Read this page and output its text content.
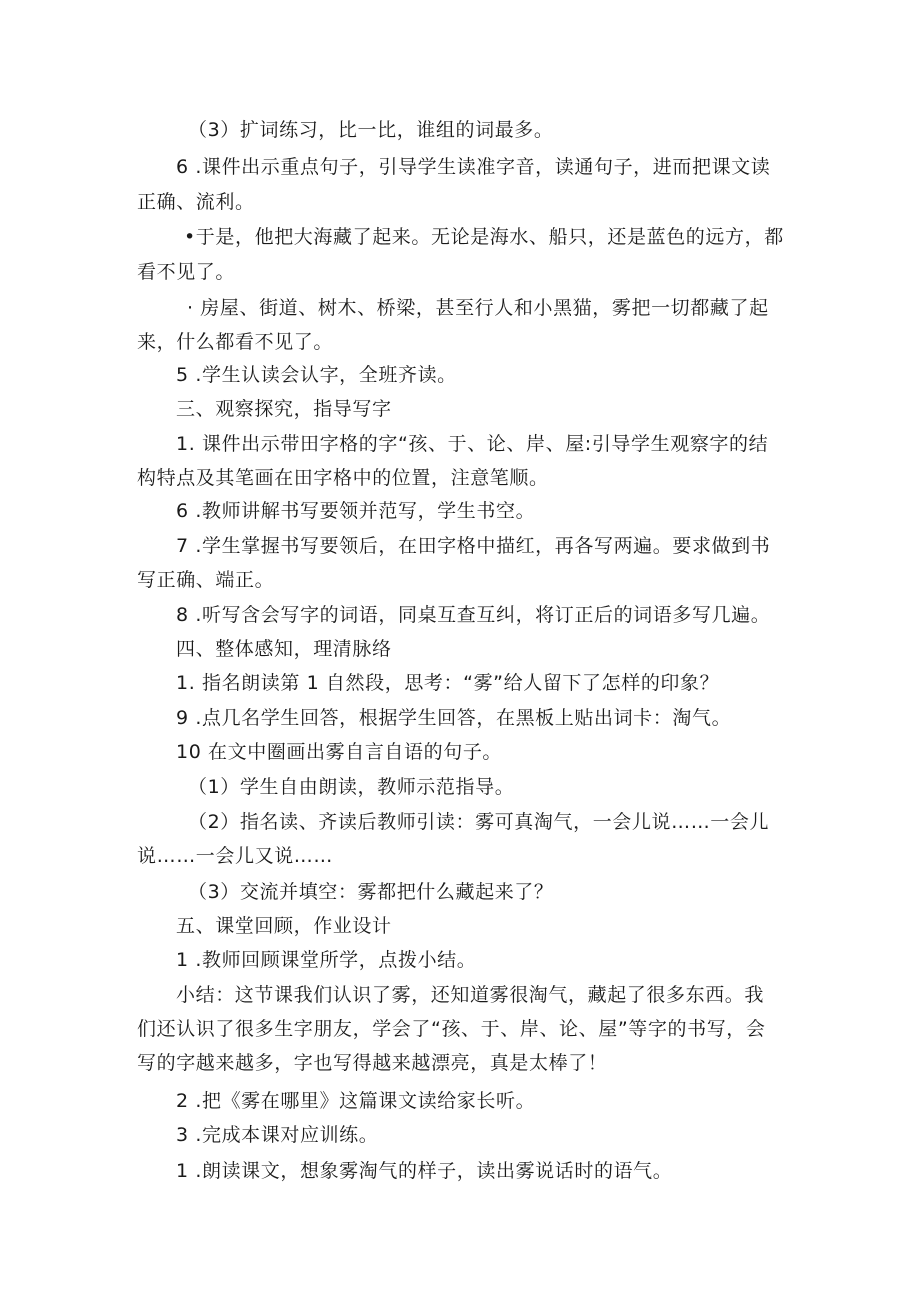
（3）扩词练习，比一比，谁组的词最多。
6 .课件出示重点句子，引导学生读准字音，读通句子，进而把课文读
正确、流利。
•于是，他把大海藏了起来。无论是海水、船只，还是蓝色的远方，都
看不见了。
· 房屋、街道、树木、桥梁，甚至行人和小黑猫，雾把一切都藏了起
来，什么都看不见了。
5 .学生认读会认字，全班齐读。
三、观察探究，指导写字
1. 课件出示带田字格的字“孩、于、论、岸、屋:引导学生观察字的结
构特点及其笔画在田字格中的位置，注意笔顺。
6 .教师讲解书写要领并范写，学生书空。
7 .学生掌握书写要领后，在田字格中描红，再各写两遍。要求做到书
写正确、端正。
8 .听写含会写字的词语，同桌互查互纠，将订正后的词语多写几遍。
四、整体感知，理清脉络
1. 指名朗读第 1 自然段，思考：“雾”给人留下了怎样的印象？
9 .点几名学生回答，根据学生回答，在黑板上贴出词卡：淘气。
10 在文中圈画出雾自言自语的句子。
（1）学生自由朗读，教师示范指导。
（2）指名读、齐读后教师引读：雾可真淘气，一会儿说……一会儿
说……一会儿又说……
（3）交流并填空：雾都把什么藏起来了？
五、课堂回顾，作业设计
1 .教师回顾课堂所学，点拨小结。
小结：这节课我们认识了雾，还知道雾很淘气，藏起了很多东西。我
们还认识了很多生字朋友，学会了“孩、于、岸、论、屋”等字的书写，会
写的字越来越多，字也写得越来越漂亮，真是太棒了！
2 .把《雾在哪里》这篇课文读给家长听。
3 .完成本课对应训练。
1 .朗读课文，想象雾淘气的样子，读出雾说话时的语气。
